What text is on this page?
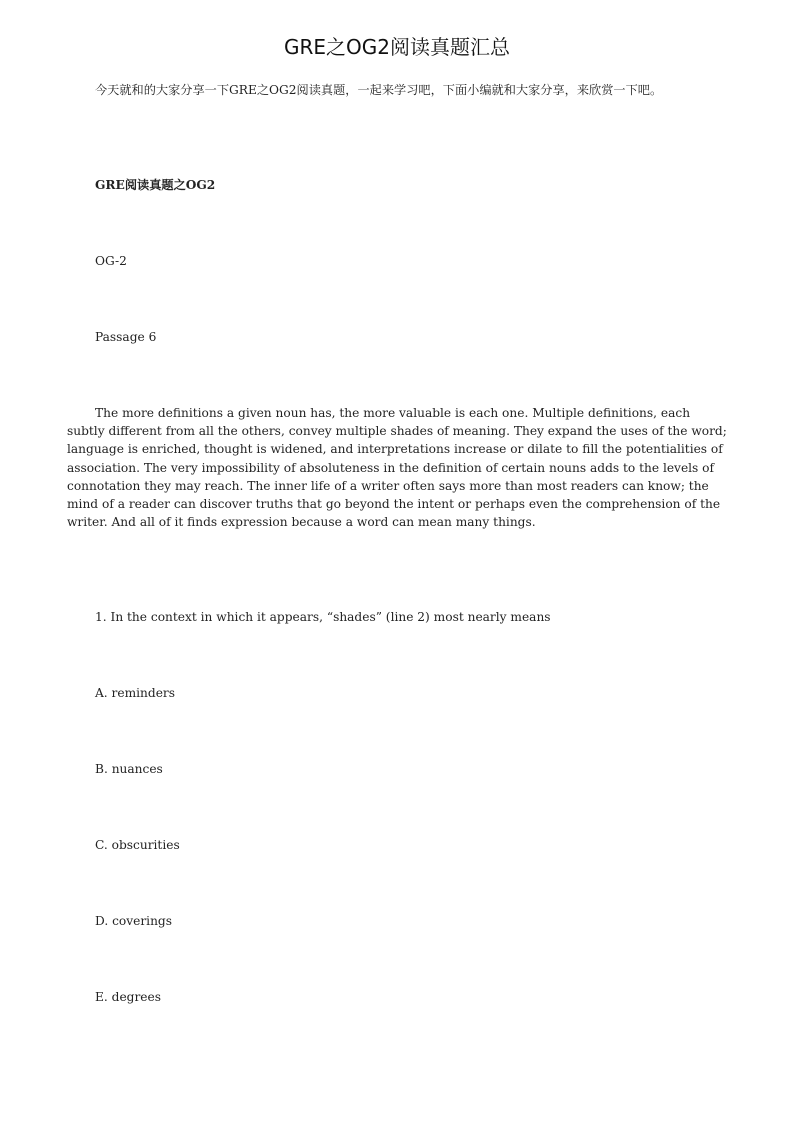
GRE之OG2阅读真题汇总

今天就和的大家分享一下GRE之OG2阅读真题，一起来学习吧，下面小编就和大家分享，来欣赏一下吧。

GRE阅读真题之OG2

OG-2

Passage 6

The more definitions a given noun has, the more valuable is each one. Multiple definitions, each subtly different from all the others, convey multiple shades of meaning. They expand the uses of the word; language is enriched, thought is widened, and interpretations increase or dilate to fill the potentialities of association. The very impossibility of absoluteness in the definition of certain nouns adds to the levels of connotation they may reach. The inner life of a writer often says more than most readers can know; the mind of a reader can discover truths that go beyond the intent or perhaps even the comprehension of the writer. And all of it finds expression because a word can mean many things.

1. In the context in which it appears, “shades” (line 2) most nearly means

A. reminders

B. nuances

C. obscurities

D. coverings

E. degrees
